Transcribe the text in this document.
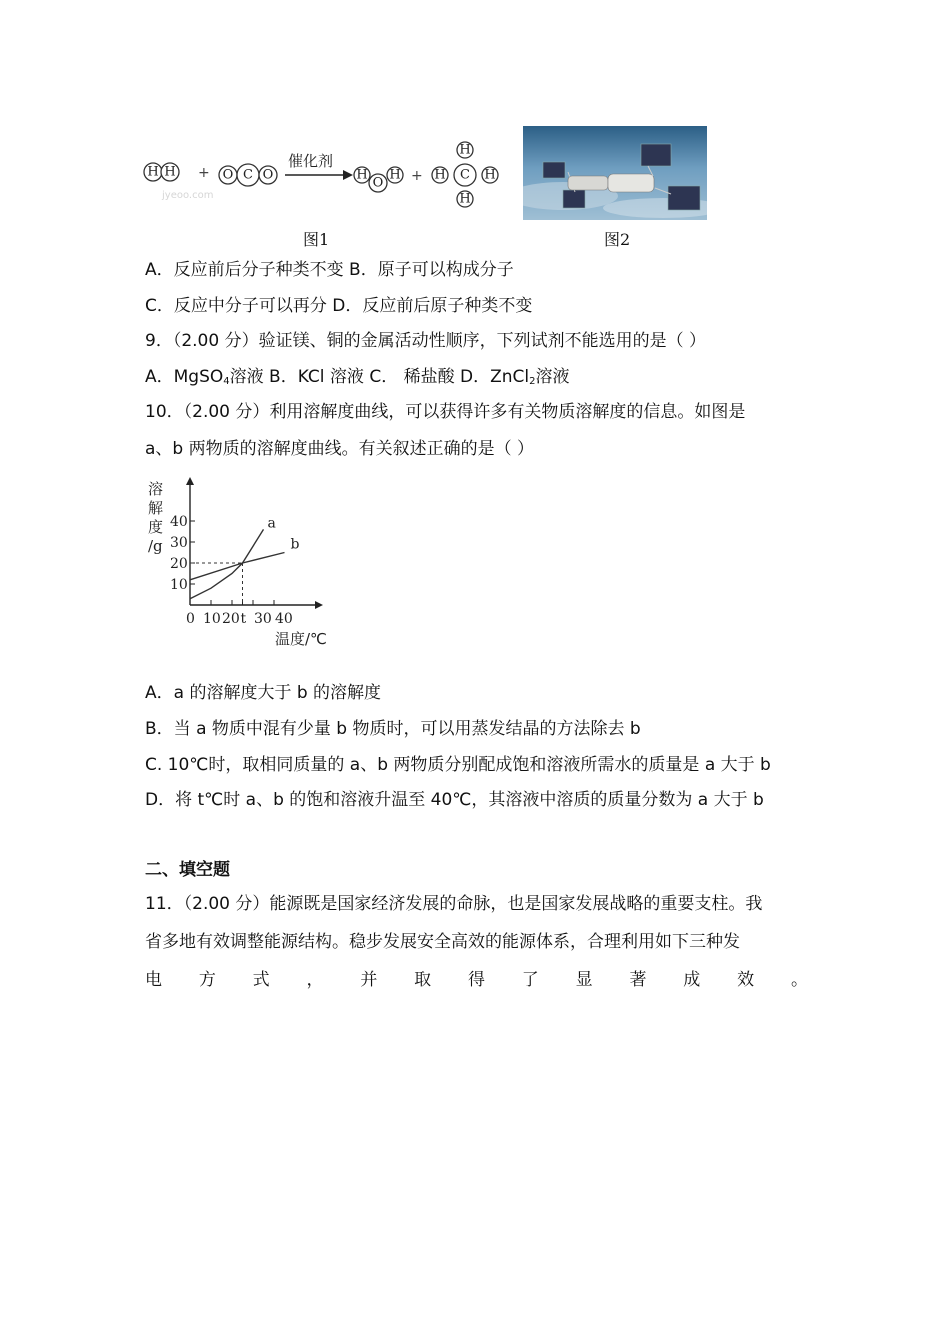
jyeoo.com
H H + O C O
催化剂
H
O
H +
H
H C H
H
图1	图2
A．反应前后分子种类不变 B．原子可以构成分子
C．反应中分子可以再分 D．反应前后原子种类不变
9．（2.00 分）验证镁、铜的金属活动性顺序，下列试剂不能选用的是（ ）
A．MgSO$_4$溶液 B．KCl 溶液 C． 稀盐酸 D．ZnCl$_2$溶液
10．（2.00 分）利用溶解度曲线，可以获得许多有关物质溶解度的信息。如图是
a、b 两物质的溶解度曲线。有关叙述正确的是（ ）
溶
解
度
/g
10
20
30
40
0 10 20 t 30 40
温度/℃
a
b
A．a 的溶解度大于 b 的溶解度
B．当 a 物质中混有少量 b 物质时，可以用蒸发结晶的方法除去 b
C. 10℃时，取相同质量的 a、b 两物质分别配成饱和溶液所需水的质量是 a 大于 b
D．将 t℃时 a、b 的饱和溶液升温至 40℃，其溶液中溶质的质量分数为 a 大于 b
二、填空题
11．（2.00 分）能源既是国家经济发展的命脉，也是国家发展战略的重要支柱。我
省多地有效调整能源结构。稳步发展安全高效的能源体系，合理利用如下三种发
电 方 式 ， 并 取 得 了 显 著 成 效 。
